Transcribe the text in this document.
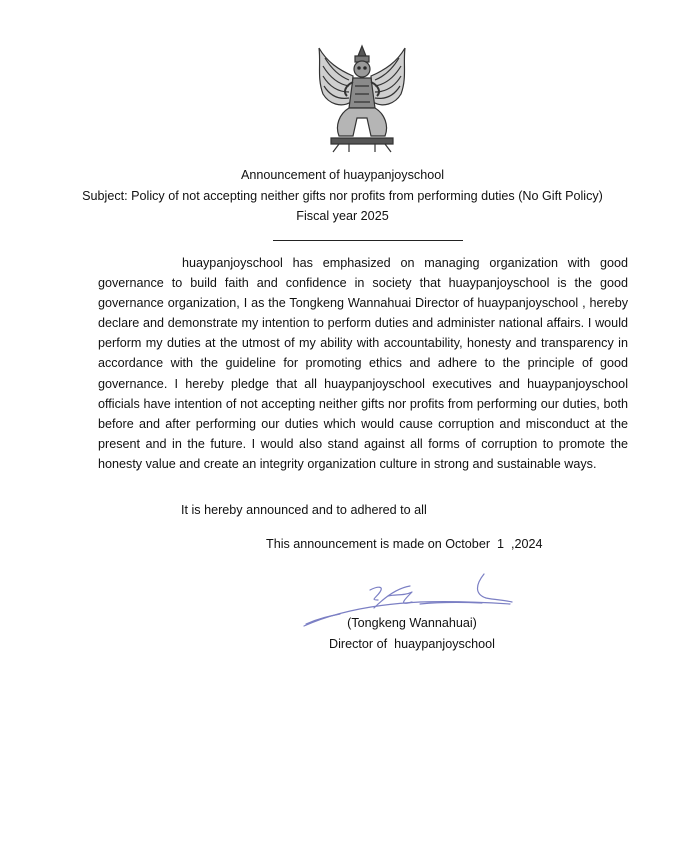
Announcement of huaypanjoyschool
Subject: Policy of not accepting neither gifts nor profits from performing duties (No Gift Policy)
Fiscal year 2025

huaypanjoyschool has emphasized on managing organization with good governance to build faith and confidence in society that huaypanjoyschool is the good governance organization, I as the Tongkeng Wannahuai Director of huaypanjoyschool , hereby declare and demonstrate my intention to perform duties and administer national affairs. I would perform my duties at the utmost of my ability with accountability, honesty and transparency in accordance with the guideline for promoting ethics and adhere to the principle of good governance. I hereby pledge that all huaypanjoyschool executives and huaypanjoyschool officials have intention of not accepting neither gifts nor profits from performing our duties, both before and after performing our duties which would cause corruption and misconduct at the present and in the future. I would also stand against all forms of corruption to promote the honesty value and create an integrity organization culture in strong and sustainable ways.

It is hereby announced and to adhered to all
This announcement is made on October  1  ,2024
(Tongkeng Wannahuai)
Director of  huaypanjoyschool
